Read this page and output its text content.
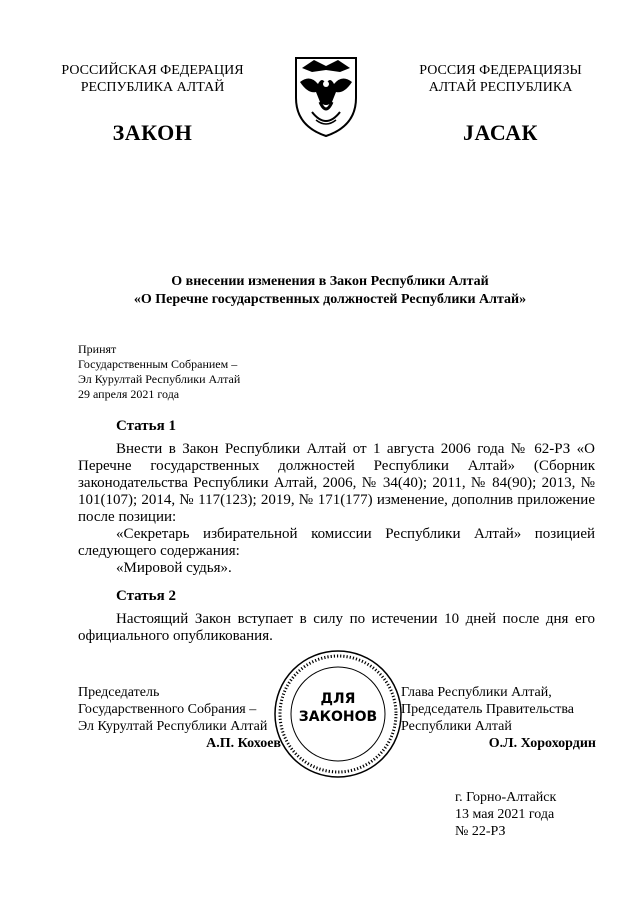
РОССИЙСКАЯ ФЕДЕРАЦИЯ
РЕСПУБЛИКА АЛТАЙ
РОССИЯ ФЕДЕРАЦИЯЗЫ
АЛТАЙ РЕСПУБЛИКА
ЗАКОН	ЈАСАК
О внесении изменения в Закон Республики Алтай
«О Перечне государственных должностей Республики Алтай»
Принят
Государственным Собранием –
Эл Курултай Республики Алтай
29 апреля 2021 года
Статья 1

Внести в Закон Республики Алтай от 1 августа 2006 года № 62-РЗ «О Перечне государственных должностей Республики Алтай» (Сборник законодательства Республики Алтай, 2006, № 34(40); 2011, № 84(90); 2013, № 101(107); 2014, № 117(123); 2019, № 171(177) изменение, дополнив приложение после позиции:

«Секретарь избирательной комиссии Республики Алтай» позицией следующего содержания:

«Мировой судья».

Статья 2

Настоящий Закон вступает в силу по истечении 10 дней после дня его официального опубликования.

ДЛЯ
ЗАКОНОВ
Председатель
Государственного Собрания –
Эл Курултай Республики Алтай
А.П. Кохоев
Глава Республики Алтай,
Председатель Правительства
Республики Алтай
О.Л. Хорохордин
г. Горно-Алтайск
13 мая 2021 года
№ 22-РЗ
